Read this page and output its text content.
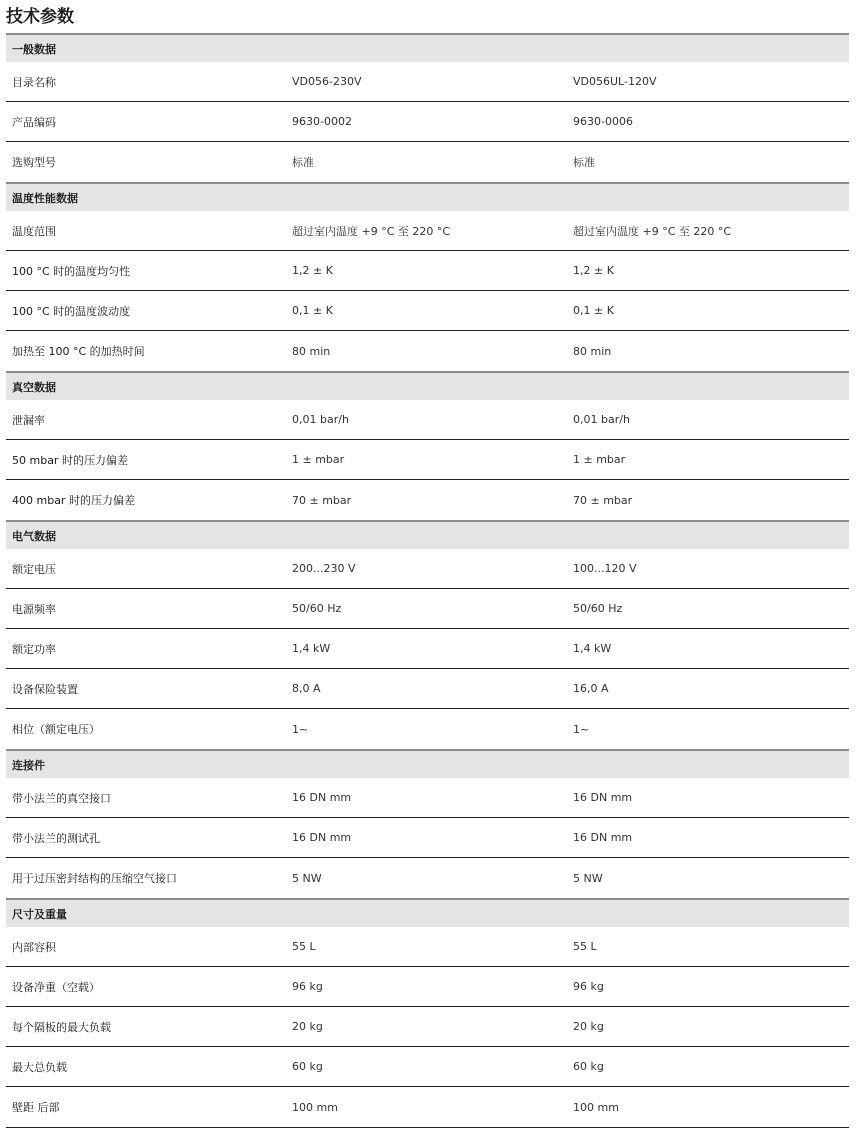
技术参数
一般数据
目录名称	VD056-230V	VD056UL-120V
产品编码	9630-0002	9630-0006
选购型号	标准	标准
温度性能数据
温度范围	超过室内温度 +9 °C 至 220 °C	超过室内温度 +9 °C 至 220 °C
100 °C 时的温度均匀性	1,2 ± K	1,2 ± K
100 °C 时的温度波动度	0,1 ± K	0,1 ± K
加热至 100 °C 的加热时间	80 min	80 min
真空数据
泄漏率	0,01 bar/h	0,01 bar/h
50 mbar 时的压力偏差	1 ± mbar	1 ± mbar
400 mbar 时的压力偏差	70 ± mbar	70 ± mbar
电气数据
额定电压	200...230 V	100...120 V
电源频率	50/60 Hz	50/60 Hz
额定功率	1,4 kW	1,4 kW
设备保险装置	8,0 A	16,0 A
相位（额定电压）	1~	1~
连接件
带小法兰的真空接口	16 DN mm	16 DN mm
带小法兰的测试孔	16 DN mm	16 DN mm
用于过压密封结构的压缩空气接口	5 NW	5 NW
尺寸及重量
内部容积	55 L	55 L
设备净重（空载）	96 kg	96 kg
每个隔板的最大负载	20 kg	20 kg
最大总负载	60 kg	60 kg
壁距 后部	100 mm	100 mm
